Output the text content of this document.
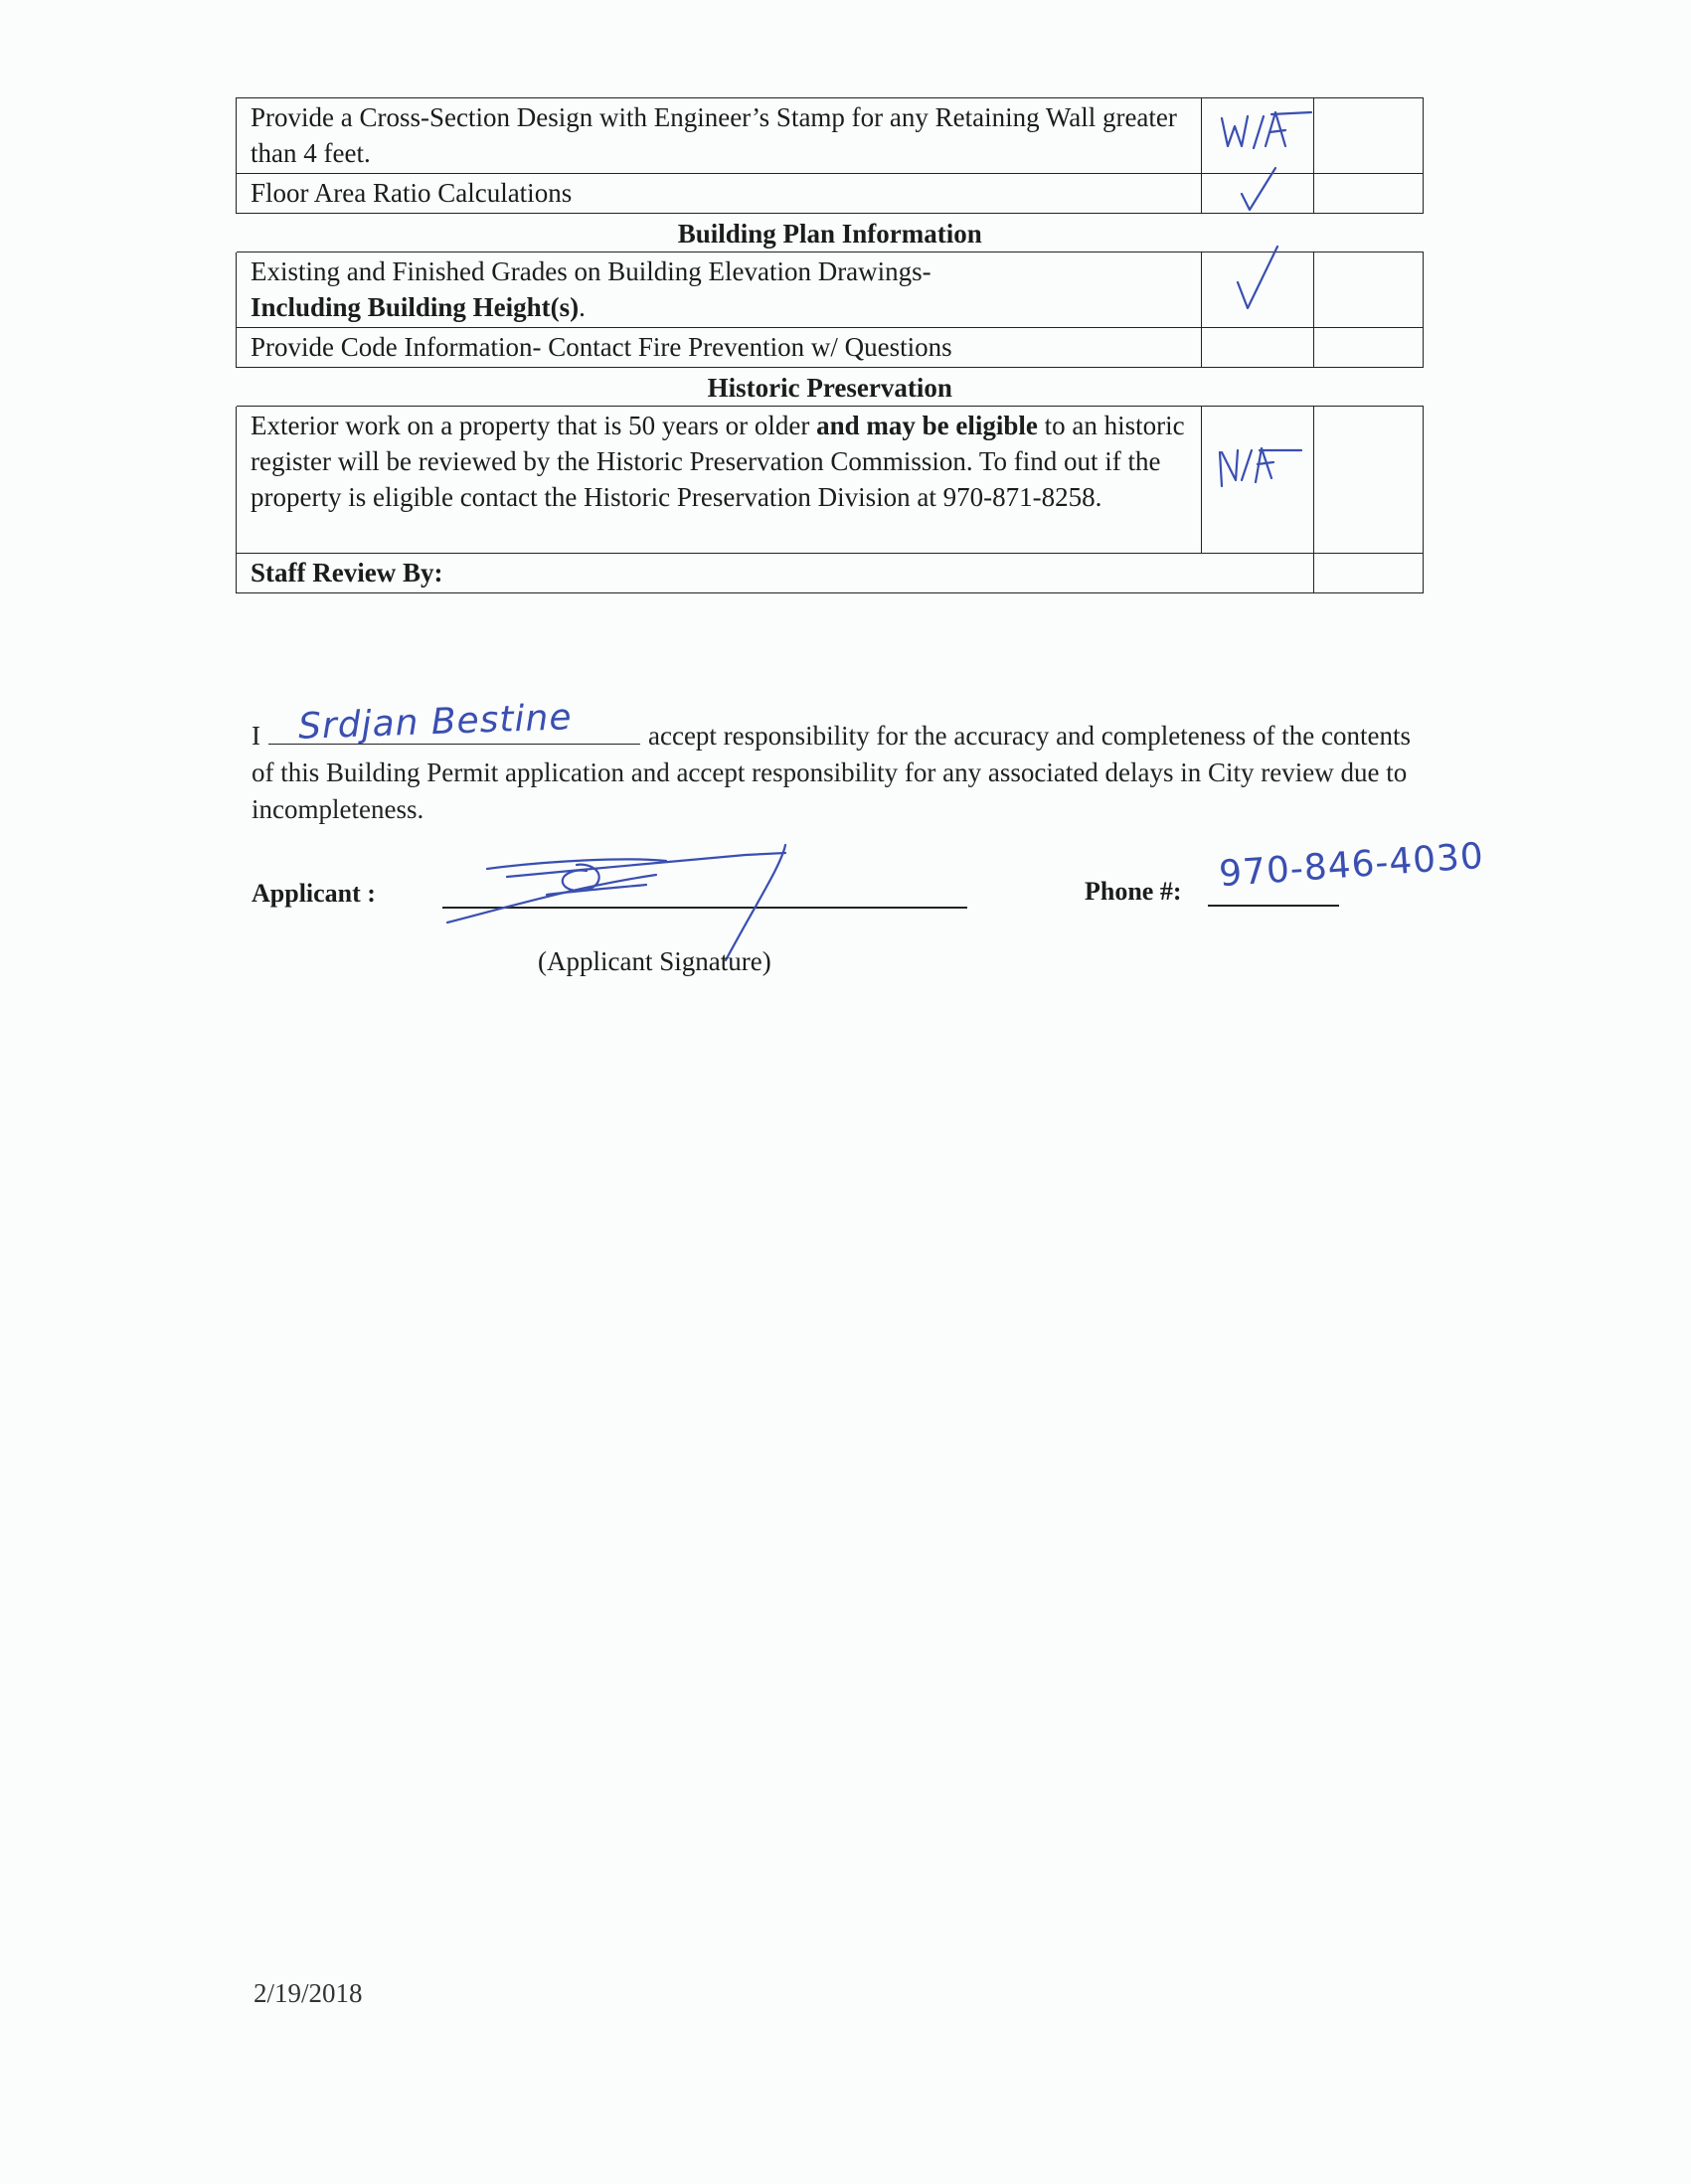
Provide a Cross-Section Design with Engineer’s Stamp for any Retaining Wall greater than 4 feet.	

Floor Area Ratio Calculations	

Building Plan Information		
Existing and Finished Grades on Building Elevation Drawings-
Including Building Height(s).	

Provide Code Information- Contact Fire Prevention w/ Questions		
Historic Preservation		
Exterior work on a property that is 50 years or older and may be eligible to an historic register will be reviewed by the Historic Preservation Commission. To find out if the property is eligible contact the Historic Preservation Division at 970-871-8258.	

Staff Review By:		
I	accept responsibility for the accuracy and completeness of the contents of this Building Permit application and accept responsibility for any associated delays in City review due to incompleteness.
Srdjan Bestine
Applicant :
(Applicant Signature)
Phone #: 970-846-4030
2/19/2018
